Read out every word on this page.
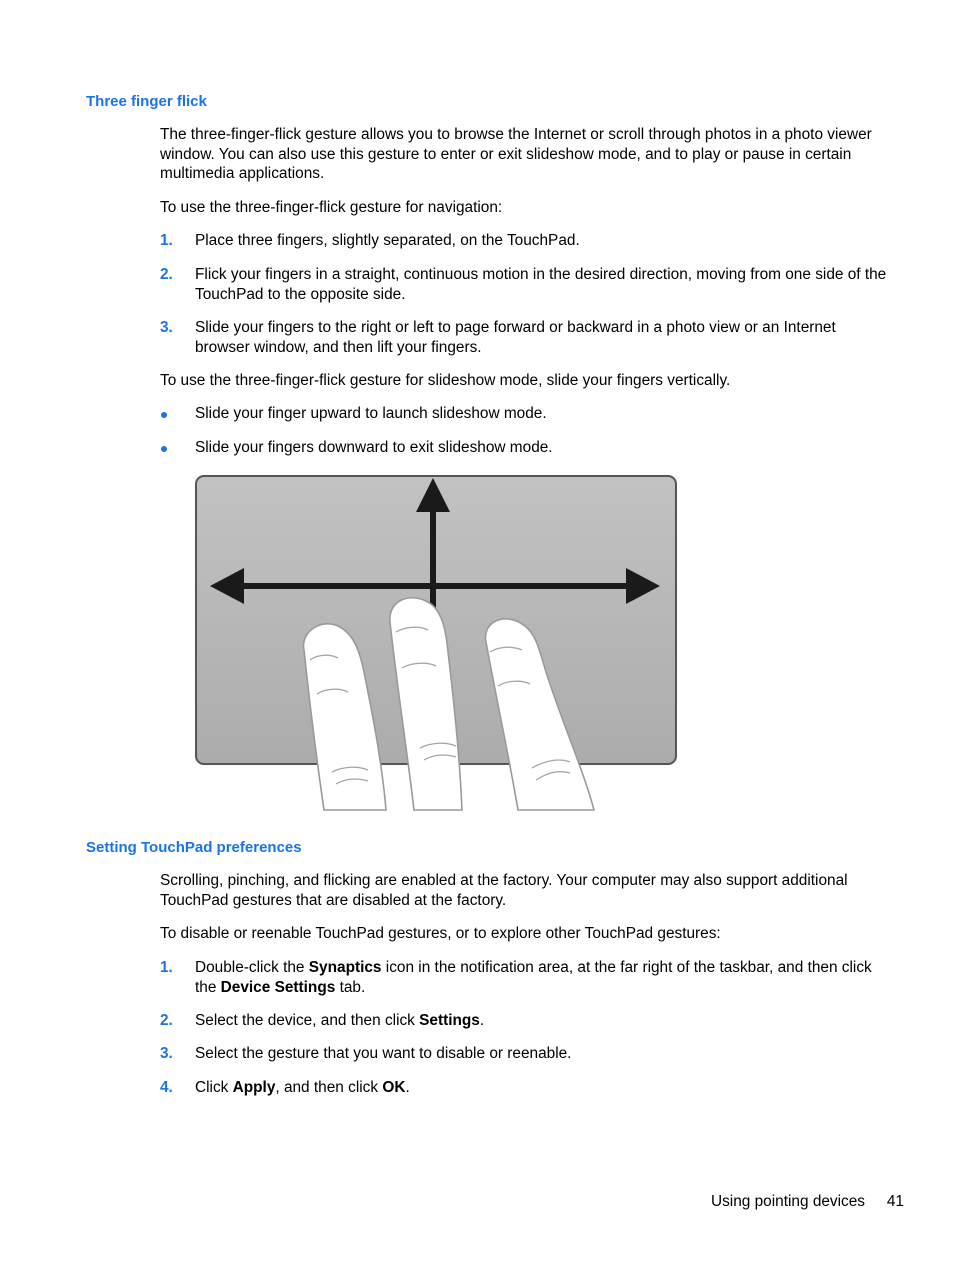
Three finger flick

The three-finger-flick gesture allows you to browse the Internet or scroll through photos in a photo viewer window. You can also use this gesture to enter or exit slideshow mode, and to play or pause in certain multimedia applications.

To use the three-finger-flick gesture for navigation:

1. Place three fingers, slightly separated, on the TouchPad.
2. Flick your fingers in a straight, continuous motion in the desired direction, moving from one side of the TouchPad to the opposite side.
3. Slide your fingers to the right or left to page forward or backward in a photo view or an Internet browser window, and then lift your fingers.

To use the three-finger-flick gesture for slideshow mode, slide your fingers vertically.

Slide your finger upward to launch slideshow mode.
Slide your fingers downward to exit slideshow mode.
Setting TouchPad preferences

Scrolling, pinching, and flicking are enabled at the factory. Your computer may also support additional TouchPad gestures that are disabled at the factory.

To disable or reenable TouchPad gestures, or to explore other TouchPad gestures:

1. Double-click the Synaptics icon in the notification area, at the far right of the taskbar, and then click the Device Settings tab.
2. Select the device, and then click Settings.
3. Select the gesture that you want to disable or reenable.
4. Click Apply, and then click OK.
Using pointing devices 41
